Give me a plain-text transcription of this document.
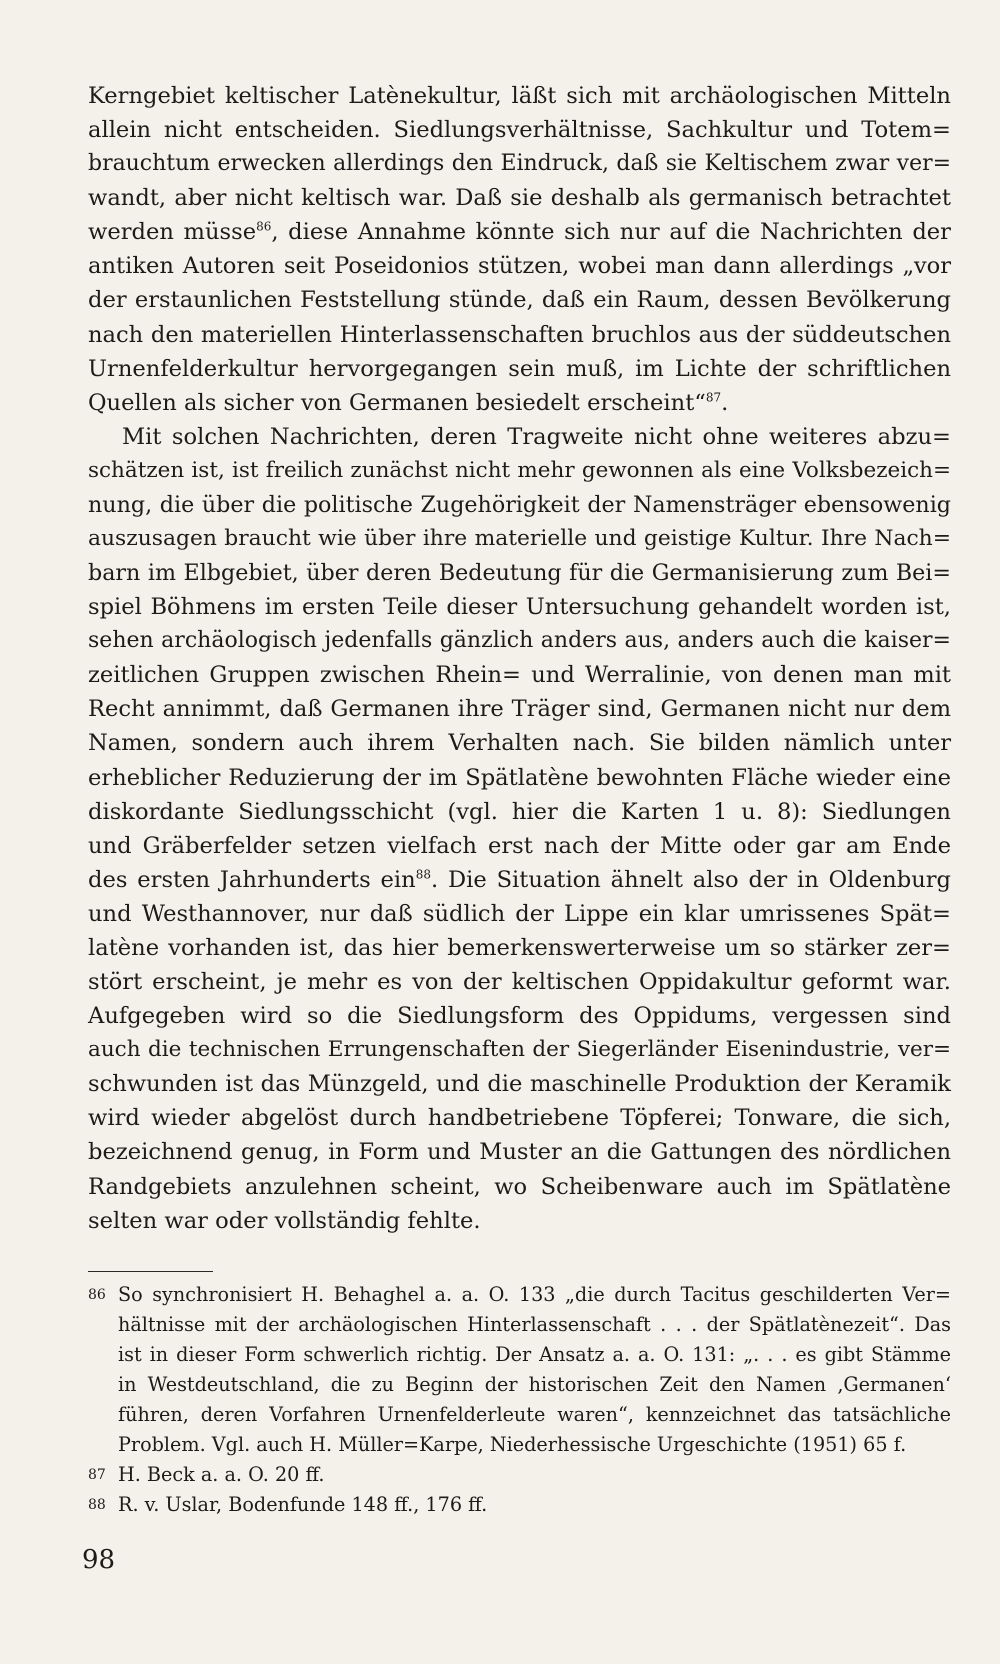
Kerngebiet keltischer Latènekultur, läßt sich mit archäologischen Mitteln
allein nicht entscheiden. Siedlungsverhältnisse, Sachkultur und Totem=
brauchtum erwecken allerdings den Eindruck, daß sie Keltischem zwar ver=
wandt, aber nicht keltisch war. Daß sie deshalb als germanisch betrachtet
werden müsse$^{86}$, diese Annahme könnte sich nur auf die Nachrichten der
antiken Autoren seit Poseidonios stützen, wobei man dann allerdings „vor
der erstaunlichen Feststellung stünde, daß ein Raum, dessen Bevölkerung
nach den materiellen Hinterlassenschaften bruchlos aus der süddeutschen
Urnenfelderkultur hervorgegangen sein muß, im Lichte der schriftlichen
Quellen als sicher von Germanen besiedelt erscheint“$^{87}$.

Mit solchen Nachrichten, deren Tragweite nicht ohne weiteres abzu=
schätzen ist, ist freilich zunächst nicht mehr gewonnen als eine Volksbezeich=
nung, die über die politische Zugehörigkeit der Namensträger ebensowenig
auszusagen braucht wie über ihre materielle und geistige Kultur. Ihre Nach=
barn im Elbgebiet, über deren Bedeutung für die Germanisierung zum Bei=
spiel Böhmens im ersten Teile dieser Untersuchung gehandelt worden ist,
sehen archäologisch jedenfalls gänzlich anders aus, anders auch die kaiser=
zeitlichen Gruppen zwischen Rhein= und Werralinie, von denen man mit
Recht annimmt, daß Germanen ihre Träger sind, Germanen nicht nur dem
Namen, sondern auch ihrem Verhalten nach. Sie bilden nämlich unter
erheblicher Reduzierung der im Spätlatène bewohnten Fläche wieder eine
diskordante Siedlungsschicht (vgl. hier die Karten 1 u. 8): Siedlungen
und Gräberfelder setzen vielfach erst nach der Mitte oder gar am Ende
des ersten Jahrhunderts ein$^{88}$. Die Situation ähnelt also der in Oldenburg
und Westhannover, nur daß südlich der Lippe ein klar umrissenes Spät=
latène vorhanden ist, das hier bemerkenswerterweise um so stärker zer=
stört erscheint, je mehr es von der keltischen Oppidakultur geformt war.
Aufgegeben wird so die Siedlungsform des Oppidums, vergessen sind
auch die technischen Errungenschaften der Siegerländer Eisenindustrie, ver=
schwunden ist das Münzgeld, und die maschinelle Produktion der Keramik
wird wieder abgelöst durch handbetriebene Töpferei; Tonware, die sich,
bezeichnend genug, in Form und Muster an die Gattungen des nördlichen
Randgebiets anzulehnen scheint, wo Scheibenware auch im Spätlatène
selten war oder vollständig fehlte.

86 So synchronisiert H. Behaghel a. a. O. 133 „die durch Tacitus geschilderten Ver=
hältnisse mit der archäologischen Hinterlassenschaft . . . der Spätlatènezeit“. Das
ist in dieser Form schwerlich richtig. Der Ansatz a. a. O. 131: „. . . es gibt Stämme
in Westdeutschland, die zu Beginn der historischen Zeit den Namen ‚Germanen‘
führen, deren Vorfahren Urnenfelderleute waren“, kennzeichnet das tatsächliche
Problem. Vgl. auch H. Müller=Karpe, Niederhessische Urgeschichte (1951) 65 f.
87 H. Beck a. a. O. 20 ff.
88 R. v. Uslar, Bodenfunde 148 ff., 176 ff.
98
